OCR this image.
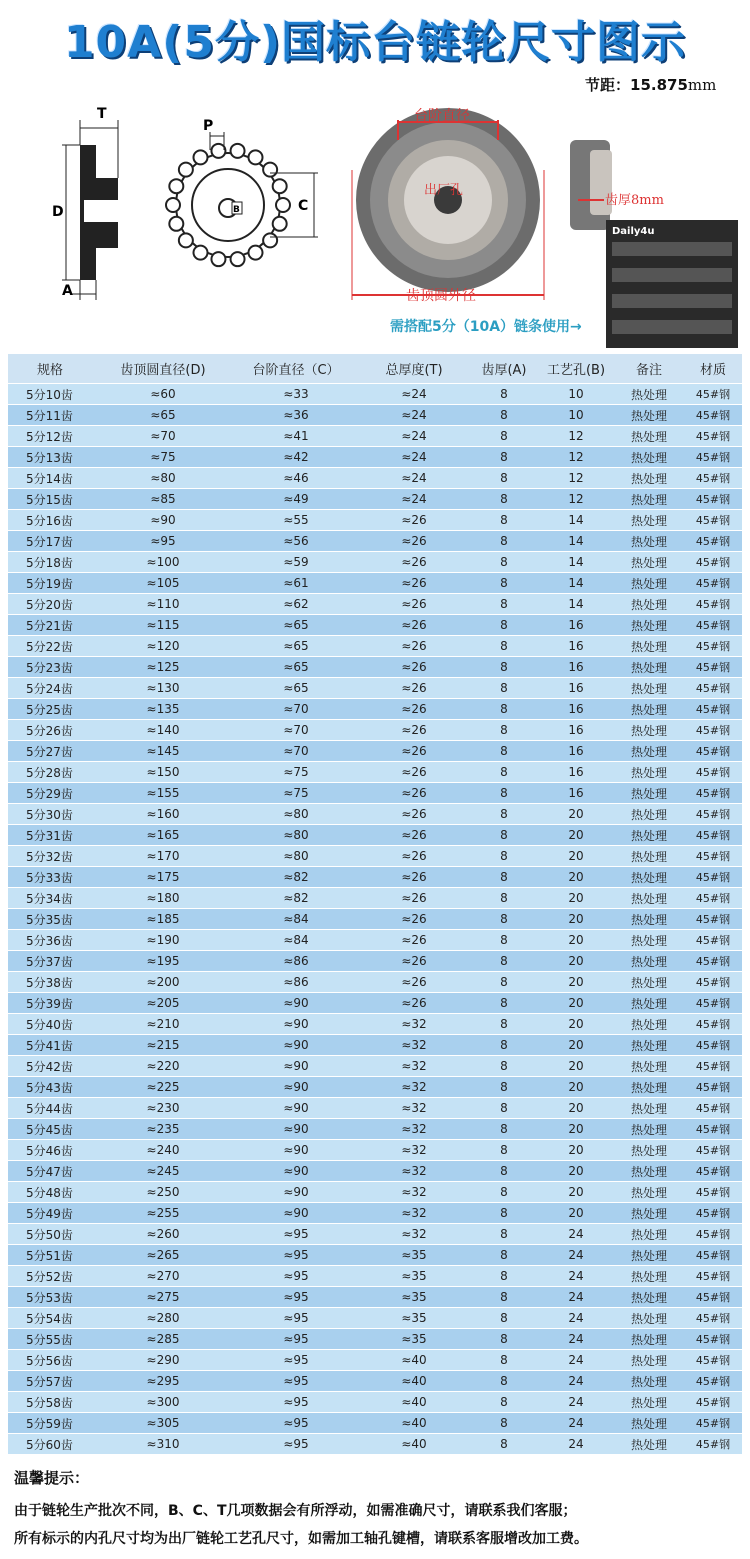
10A(5分)国标台链轮尺寸图示
节距：15.875mm
T
D
A
P
B	C
台阶直径
出厂孔
齿顶圆外径
齿厚8mm
Daily4u
需搭配5分（10A）链条使用→
规格	齿顶圆直径(D)	台阶直径（C）	总厚度(T)	齿厚(A)	工艺孔(B)	备注	材质
5分10齿	≈60	≈33	≈24	8	10	热处理	45#钢
5分11齿	≈65	≈36	≈24	8	10	热处理	45#钢
5分12齿	≈70	≈41	≈24	8	12	热处理	45#钢
5分13齿	≈75	≈42	≈24	8	12	热处理	45#钢
5分14齿	≈80	≈46	≈24	8	12	热处理	45#钢
5分15齿	≈85	≈49	≈24	8	12	热处理	45#钢
5分16齿	≈90	≈55	≈26	8	14	热处理	45#钢
5分17齿	≈95	≈56	≈26	8	14	热处理	45#钢
5分18齿	≈100	≈59	≈26	8	14	热处理	45#钢
5分19齿	≈105	≈61	≈26	8	14	热处理	45#钢
5分20齿	≈110	≈62	≈26	8	14	热处理	45#钢
5分21齿	≈115	≈65	≈26	8	16	热处理	45#钢
5分22齿	≈120	≈65	≈26	8	16	热处理	45#钢
5分23齿	≈125	≈65	≈26	8	16	热处理	45#钢
5分24齿	≈130	≈65	≈26	8	16	热处理	45#钢
5分25齿	≈135	≈70	≈26	8	16	热处理	45#钢
5分26齿	≈140	≈70	≈26	8	16	热处理	45#钢
5分27齿	≈145	≈70	≈26	8	16	热处理	45#钢
5分28齿	≈150	≈75	≈26	8	16	热处理	45#钢
5分29齿	≈155	≈75	≈26	8	16	热处理	45#钢
5分30齿	≈160	≈80	≈26	8	20	热处理	45#钢
5分31齿	≈165	≈80	≈26	8	20	热处理	45#钢
5分32齿	≈170	≈80	≈26	8	20	热处理	45#钢
5分33齿	≈175	≈82	≈26	8	20	热处理	45#钢
5分34齿	≈180	≈82	≈26	8	20	热处理	45#钢
5分35齿	≈185	≈84	≈26	8	20	热处理	45#钢
5分36齿	≈190	≈84	≈26	8	20	热处理	45#钢
5分37齿	≈195	≈86	≈26	8	20	热处理	45#钢
5分38齿	≈200	≈86	≈26	8	20	热处理	45#钢
5分39齿	≈205	≈90	≈26	8	20	热处理	45#钢
5分40齿	≈210	≈90	≈32	8	20	热处理	45#钢
5分41齿	≈215	≈90	≈32	8	20	热处理	45#钢
5分42齿	≈220	≈90	≈32	8	20	热处理	45#钢
5分43齿	≈225	≈90	≈32	8	20	热处理	45#钢
5分44齿	≈230	≈90	≈32	8	20	热处理	45#钢
5分45齿	≈235	≈90	≈32	8	20	热处理	45#钢
5分46齿	≈240	≈90	≈32	8	20	热处理	45#钢
5分47齿	≈245	≈90	≈32	8	20	热处理	45#钢
5分48齿	≈250	≈90	≈32	8	20	热处理	45#钢
5分49齿	≈255	≈90	≈32	8	20	热处理	45#钢
5分50齿	≈260	≈95	≈32	8	24	热处理	45#钢
5分51齿	≈265	≈95	≈35	8	24	热处理	45#钢
5分52齿	≈270	≈95	≈35	8	24	热处理	45#钢
5分53齿	≈275	≈95	≈35	8	24	热处理	45#钢
5分54齿	≈280	≈95	≈35	8	24	热处理	45#钢
5分55齿	≈285	≈95	≈35	8	24	热处理	45#钢
5分56齿	≈290	≈95	≈40	8	24	热处理	45#钢
5分57齿	≈295	≈95	≈40	8	24	热处理	45#钢
5分58齿	≈300	≈95	≈40	8	24	热处理	45#钢
5分59齿	≈305	≈95	≈40	8	24	热处理	45#钢
5分60齿	≈310	≈95	≈40	8	24	热处理	45#钢
温馨提示：
由于链轮生产批次不同，B、C、T几项数据会有所浮动，如需准确尺寸，请联系我们客服；
所有标示的内孔尺寸均为出厂链轮工艺孔尺寸，如需加工轴孔键槽，请联系客服增改加工费。
